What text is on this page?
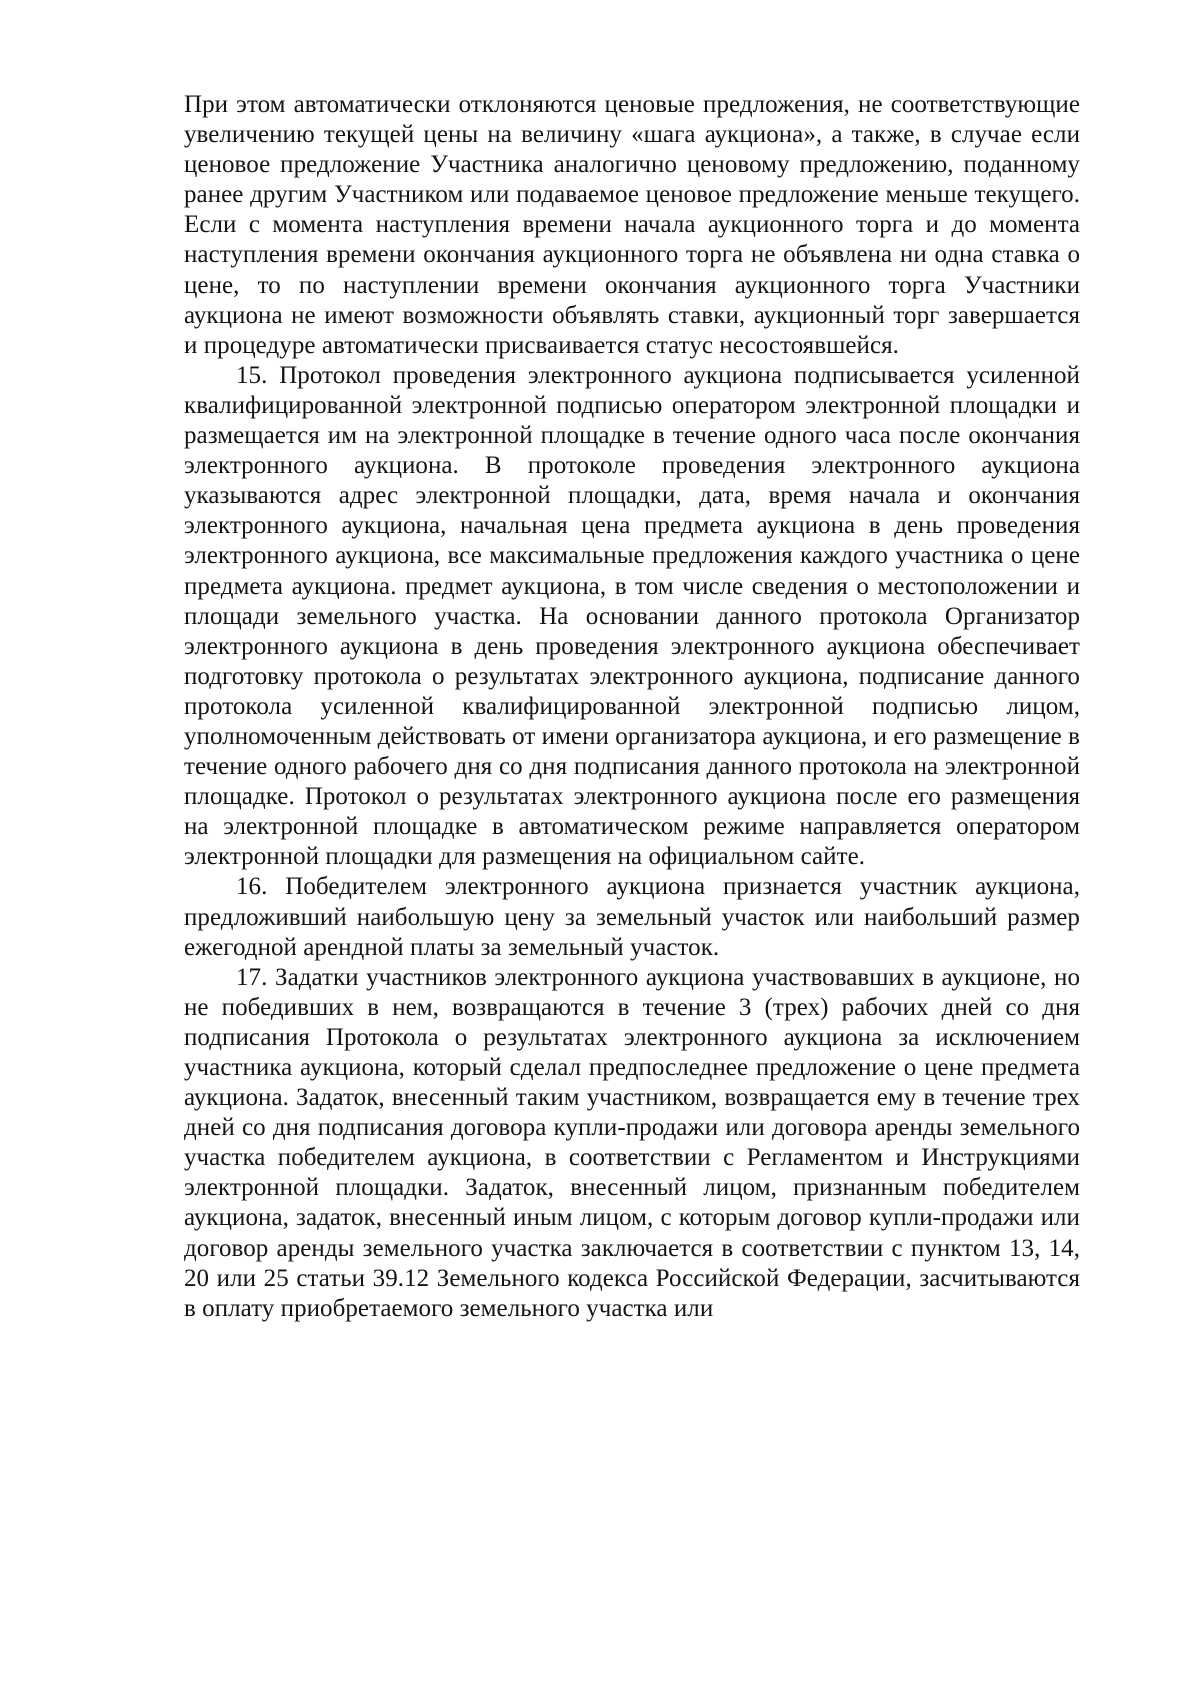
При этом автоматически отклоняются ценовые предложения, не соответствующие увеличению текущей цены на величину «шага аукциона», а также, в случае если ценовое предложение Участника аналогично ценовому предложению, поданному ранее другим Участником или подаваемое ценовое предложение меньше текущего. Если с момента наступления времени начала аукционного торга и до момента наступления времени окончания аукционного торга не объявлена ни одна ставка о цене, то по наступлении времени окончания аукционного торга Участники аукциона не имеют возможности объявлять ставки, аукционный торг завершается и процедуре автоматически присваивается статус несостоявшейся.

15. Протокол проведения электронного аукциона подписывается усиленной квалифицированной электронной подписью оператором электронной площадки и размещается им на электронной площадке в течение одного часа после окончания электронного аукциона. В протоколе проведения электронного аукциона указываются адрес электронной площадки, дата, время начала и окончания электронного аукциона, начальная цена предмета аукциона в день проведения электронного аукциона, все максимальные предложения каждого участника о цене предмета аукциона. предмет аукциона, в том числе сведения о местоположении и площади земельного участка. На основании данного протокола Организатор электронного аукциона в день проведения электронного аукциона обеспечивает подготовку протокола о результатах электронного аукциона, подписание данного протокола усиленной квалифицированной электронной подписью лицом, уполномоченным действовать от имени организатора аукциона, и его размещение в течение одного рабочего дня со дня подписания данного протокола на электронной площадке. Протокол о результатах электронного аукциона после его размещения на электронной площадке в автоматическом режиме направляется оператором электронной площадки для размещения на официальном сайте.

16. Победителем электронного аукциона признается участник аукциона, предложивший наибольшую цену за земельный участок или наибольший размер ежегодной арендной платы за земельный участок.

17. Задатки участников электронного аукциона участвовавших в аукционе, но не победивших в нем, возвращаются в течение 3 (трех) рабочих дней со дня подписания Протокола о результатах электронного аукциона за исключением участника аукциона, который сделал предпоследнее предложение о цене предмета аукциона. Задаток, внесенный таким участником, возвращается ему в течение трех дней со дня подписания договора купли-продажи или договора аренды земельного участка победителем аукциона, в соответствии с Регламентом и Инструкциями электронной площадки. Задаток, внесенный лицом, признанным победителем аукциона, задаток, внесенный иным лицом, с которым договор купли-продажи или договор аренды земельного участка заключается в соответствии с пунктом 13, 14, 20 или 25 статьи 39.12 Земельного кодекса Российской Федерации, засчитываются в оплату приобретаемого земельного участка или
